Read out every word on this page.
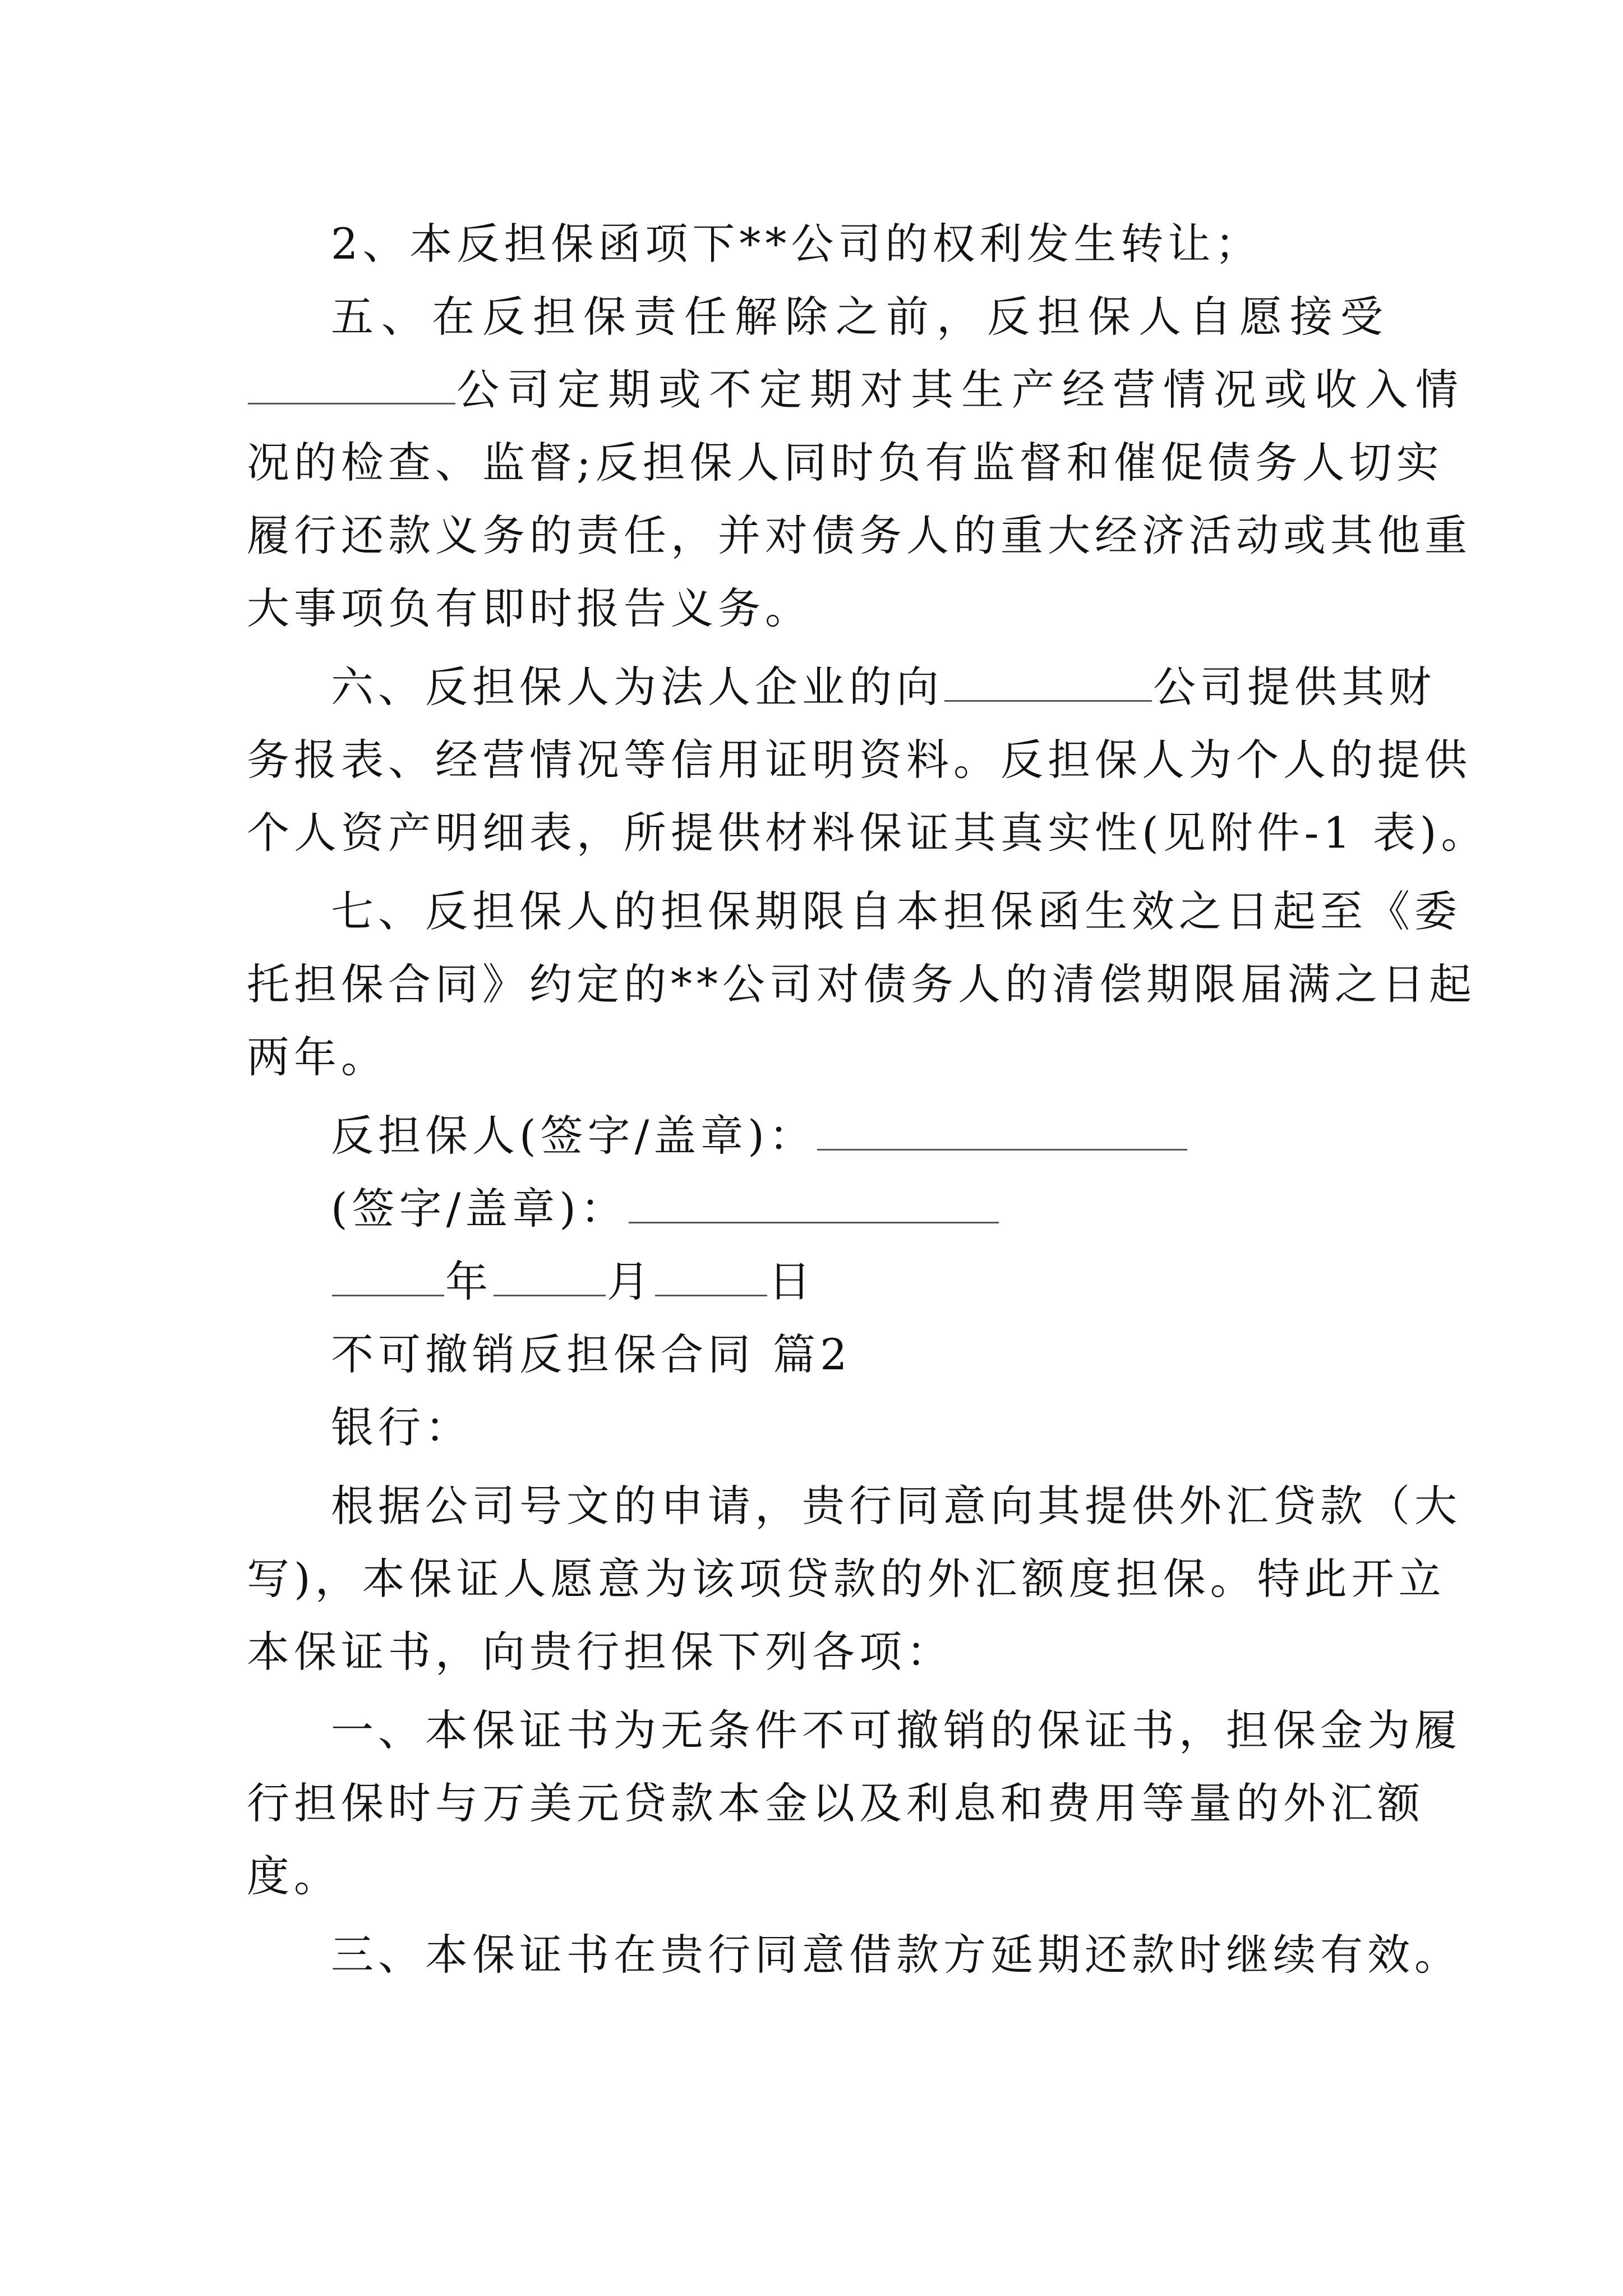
2、本反担保函项下**公司的权利发生转让；
五、在反担保责任解除之前，反担保人自愿接受
公司定期或不定期对其生产经营情况或收入情
况的检查、监督;反担保人同时负有监督和催促债务人切实
履行还款义务的责任，并对债务人的重大经济活动或其他重
大事项负有即时报告义务。
六、反担保人为法人企业的向	公司提供其财
务报表、经营情况等信用证明资料。反担保人为个人的提供
个人资产明细表，所提供材料保证其真实性(见附件-1 表)。
七、反担保人的担保期限自本担保函生效之日起至《委
托担保合同》约定的**公司对债务人的清偿期限届满之日起
两年。
反担保人(签字/盖章)：
(签字/盖章)：
年	月	日
不可撤销反担保合同 篇2
银行：
根据公司号文的申请，贵行同意向其提供外汇贷款（大
写)，本保证人愿意为该项贷款的外汇额度担保。特此开立
本保证书，向贵行担保下列各项：
一、本保证书为无条件不可撤销的保证书，担保金为履
行担保时与万美元贷款本金以及利息和费用等量的外汇额
度。
三、本保证书在贵行同意借款方延期还款时继续有效。
